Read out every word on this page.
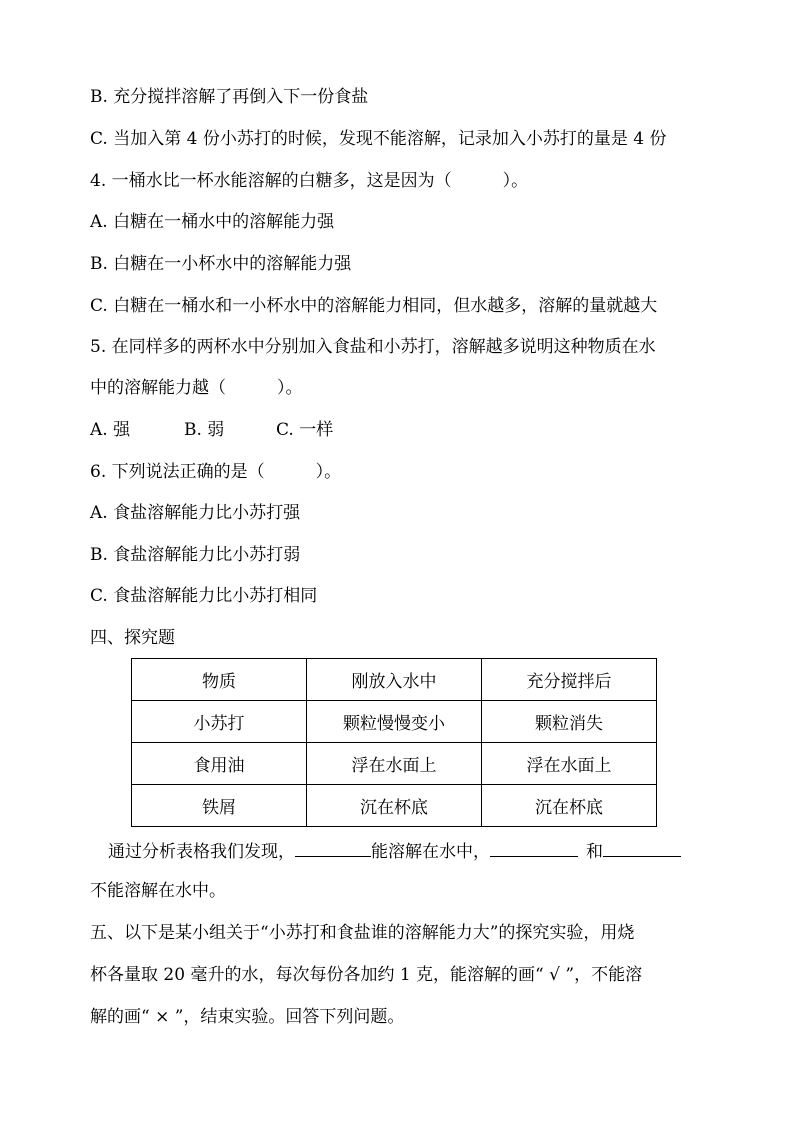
B. 充分搅拌溶解了再倒入下一份食盐
C. 当加入第 4 份小苏打的时候，发现不能溶解，记录加入小苏打的量是 4 份
4. 一桶水比一杯水能溶解的白糖多，这是因为（　　　）。
A. 白糖在一桶水中的溶解能力强
B. 白糖在一小杯水中的溶解能力强
C. 白糖在一桶水和一小杯水中的溶解能力相同，但水越多，溶解的量就越大
5. 在同样多的两杯水中分别加入食盐和小苏打，溶解越多说明这种物质在水
中的溶解能力越（　　　）。
A. 强	B. 弱	C. 一样
6. 下列说法正确的是（　　　）。
A. 食盐溶解能力比小苏打强
B. 食盐溶解能力比小苏打弱
C. 食盐溶解能力比小苏打相同
四、探究题
物质	刚放入水中	充分搅拌后
小苏打	颗粒慢慢变小	颗粒消失
食用油	浮在水面上	浮在水面上
铁屑	沉在杯底	沉在杯底
通过分析表格我们发现，	能溶解在水中，	和
不能溶解在水中。
五、以下是某小组关于“小苏打和食盐谁的溶解能力大”的探究实验，用烧
杯各量取 20 毫升的水，每次每份各加约 1 克，能溶解的画“ √ ”，不能溶
解的画“ × ”，结束实验。回答下列问题。
